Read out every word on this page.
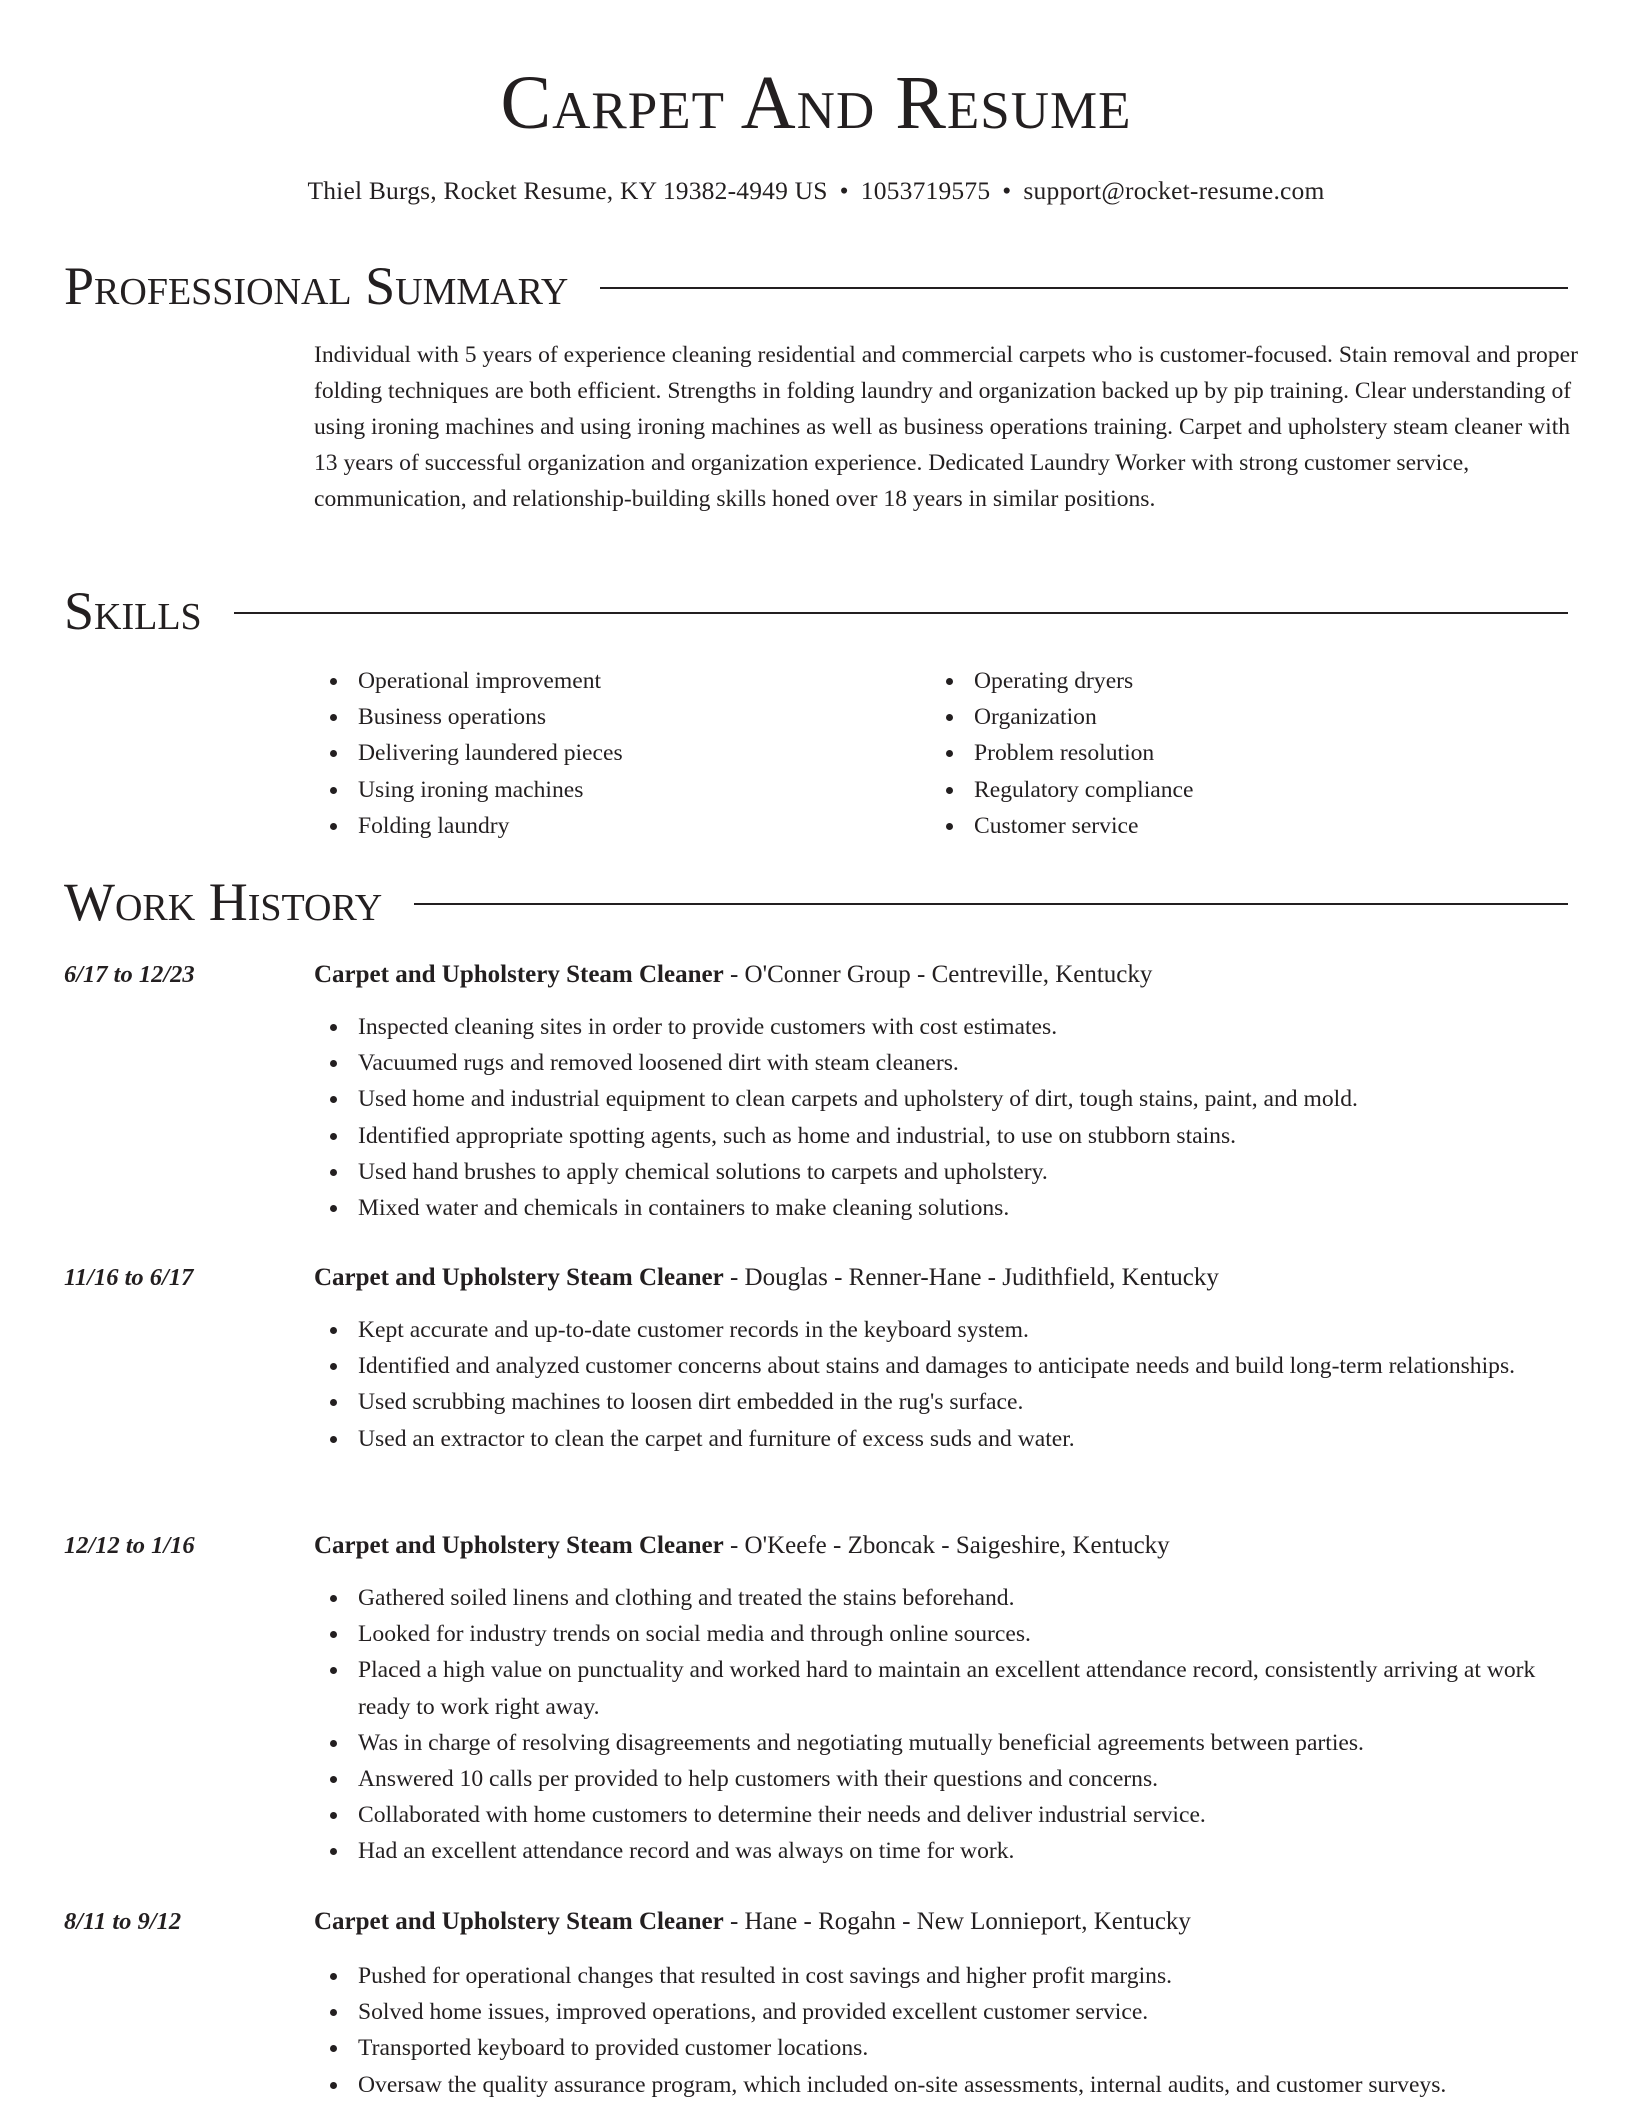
Carpet And Resume
Thiel Burgs, Rocket Resume, KY 19382-4949 US • 1053719575 • support@rocket-resume.com
Professional Summary
Individual with 5 years of experience cleaning residential and commercial carpets who is customer-focused. Stain removal and proper folding techniques are both efficient. Strengths in folding laundry and organization backed up by pip training. Clear understanding of using ironing machines and using ironing machines as well as business operations training. Carpet and upholstery steam cleaner with 13 years of successful organization and organization experience. Dedicated Laundry Worker with strong customer service, communication, and relationship-building skills honed over 18 years in similar positions.
Skills
Operational improvement
Business operations
Delivering laundered pieces
Using ironing machines
Folding laundry
Operating dryers
Organization
Problem resolution
Regulatory compliance
Customer service
Work History
6/17 to 12/23	Carpet and Upholstery Steam Cleaner - O'Conner Group - Centreville, Kentucky
Inspected cleaning sites in order to provide customers with cost estimates.
Vacuumed rugs and removed loosened dirt with steam cleaners.
Used home and industrial equipment to clean carpets and upholstery of dirt, tough stains, paint, and mold.
Identified appropriate spotting agents, such as home and industrial, to use on stubborn stains.
Used hand brushes to apply chemical solutions to carpets and upholstery.
Mixed water and chemicals in containers to make cleaning solutions.
11/16 to 6/17	Carpet and Upholstery Steam Cleaner - Douglas - Renner-Hane - Judithfield, Kentucky
Kept accurate and up-to-date customer records in the keyboard system.
Identified and analyzed customer concerns about stains and damages to anticipate needs and build long-term relationships.
Used scrubbing machines to loosen dirt embedded in the rug's surface.
Used an extractor to clean the carpet and furniture of excess suds and water.
12/12 to 1/16	Carpet and Upholstery Steam Cleaner - O'Keefe - Zboncak - Saigeshire, Kentucky
Gathered soiled linens and clothing and treated the stains beforehand.
Looked for industry trends on social media and through online sources.
Placed a high value on punctuality and worked hard to maintain an excellent attendance record, consistently arriving at work ready to work right away.
Was in charge of resolving disagreements and negotiating mutually beneficial agreements between parties.
Answered 10 calls per provided to help customers with their questions and concerns.
Collaborated with home customers to determine their needs and deliver industrial service.
Had an excellent attendance record and was always on time for work.
8/11 to 9/12	Carpet and Upholstery Steam Cleaner - Hane - Rogahn - New Lonnieport, Kentucky
Pushed for operational changes that resulted in cost savings and higher profit margins.
Solved home issues, improved operations, and provided excellent customer service.
Transported keyboard to provided customer locations.
Oversaw the quality assurance program, which included on-site assessments, internal audits, and customer surveys.
